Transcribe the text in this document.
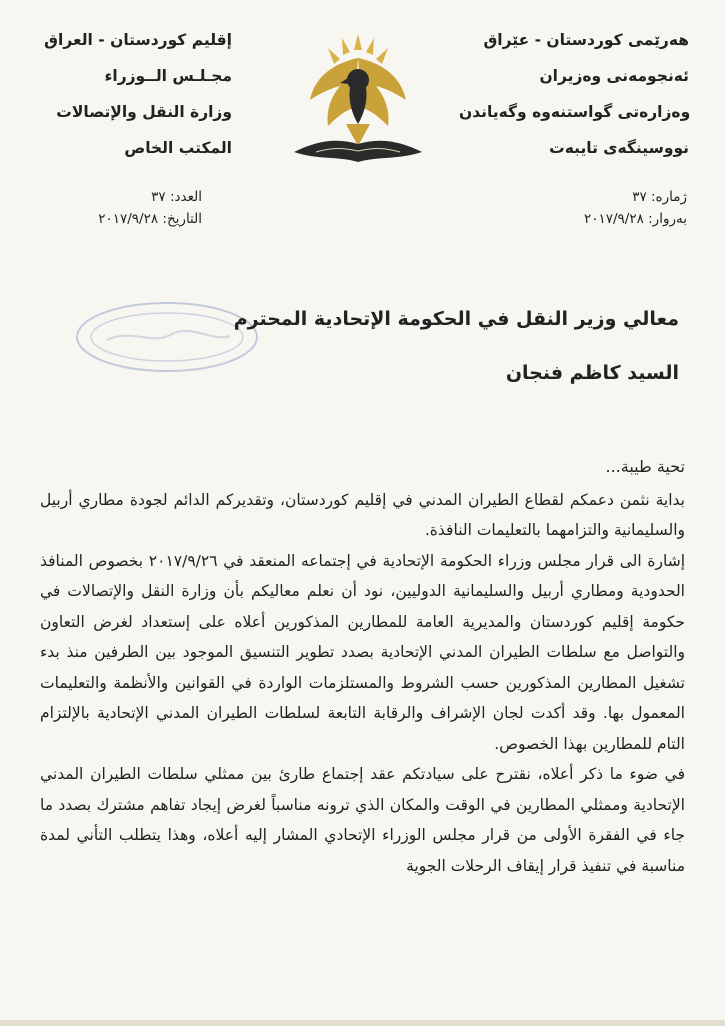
إقليم كوردستان - العراق
مجـلـس الــوزراء
وزارة النقل والإتصالات
المكتب الخاص
هەرێمی کوردستان - عێراق
ئەنجومەنی وەزیران
وەزارەتی گواستنەوە وگەیاندن
نووسینگەی تایبەت
العدد: ٣٧
التاريخ: ٢٠١٧/٩/٢٨
ژمارە: ٣٧
بەروار: ٢٠١٧/٩/٢٨
معالي وزير النقل في الحكومة الإتحادية المحترم
السيد كاظم فنجان

تحية طيبة...

بداية نثمن دعمكم لقطاع الطيران المدني في إقليم كوردستان، وتقديركم الدائم لجودة مطاري أربيل والسليمانية والتزامهما بالتعليمات النافذة.

إشارة الى قرار مجلس وزراء الحكومة الإتحادية في إجتماعه المنعقد في ٢٠١٧/٩/٢٦ بخصوص المنافذ الحدودية ومطاري أربيل والسليمانية الدوليين، نود أن نعلم معاليكم بأن وزارة النقل والإتصالات في حكومة إقليم كوردستان والمديرية العامة للمطارين المذكورين أعلاه على إستعداد لغرض التعاون والتواصل مع سلطات الطيران المدني الإتحادية بصدد تطوير التنسيق الموجود بين الطرفين منذ بدء تشغيل المطارين المذكورين حسب الشروط والمستلزمات الواردة في القوانين والأنظمة والتعليمات المعمول بها. وقد أكدت لجان الإشراف والرقابة التابعة لسلطات الطيران المدني الإتحادية بالإلتزام التام للمطارين بهذا الخصوص.

في ضوء ما ذكر أعلاه، نقترح على سيادتكم عقد إجتماع طارئ بين ممثلي سلطات الطيران المدني الإتحادية وممثلي المطارين في الوقت والمكان الذي ترونه مناسباً لغرض إيجاد تفاهم مشترك بصدد ما جاء في الفقرة الأولى من قرار مجلس الوزراء الإتحادي المشار إليه أعلاه، وهذا يتطلب التأني لمدة مناسبة في تنفيذ قرار إيقاف الرحلات الجوية
